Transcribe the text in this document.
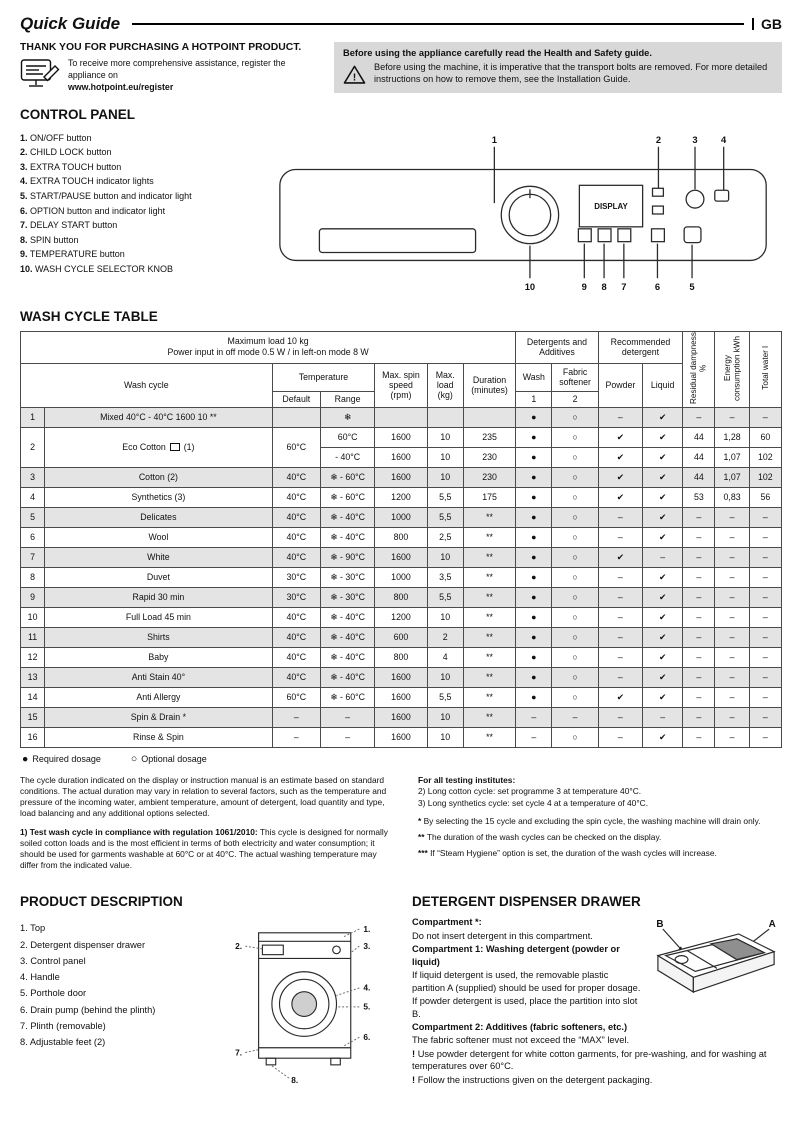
Quick Guide	GB
THANK YOU FOR PURCHASING A HOTPOINT PRODUCT.
To receive more comprehensive assistance, register the appliance on
www.hotpoint.eu/register
Before using the appliance carefully read the Health and Safety guide.
!
Before using the machine, it is imperative that the transport bolts are removed. For more detailed instructions on how to remove them, see the Installation Guide.
CONTROL PANEL
1. ON/OFF button
2. CHILD LOCK button
3. EXTRA TOUCH button
4. EXTRA TOUCH indicator lights
5. START/PAUSE button and indicator light
6. OPTION button and indicator light
7. DELAY START button
8. SPIN button
9. TEMPERATURE button
10. WASH CYCLE SELECTOR KNOB
1	2	3 4
DISPLAY
10	9 8 7	6	5
WASH CYCLE TABLE
Maximum load 10 kg
Power input in off mode 0.5 W / in left-on mode 8 W							Detergents and Additives		Recommended detergent		Residual dampness %	Energy consumption kWh	Total water l
Wash cycle		Temperature		Max. spin speed (rpm)	Max. load (kg)	Duration (minutes)	Wash	Fabric softener	Powder	Liquid			
		Default	Range				1	2					
1	Mixed 40°C - 40°C 1600 10 **		❄				●	○	–	✔	–	–	–
2	Eco Cotton  (1)	60°C	60°C	1600	10	235	●	○	✔	✔	44	1,28	60
			- 40°C	1600	10	230	●	○	✔	✔	44	1,07	102
3	Cotton (2)	40°C	❄ - 60°C	1600	10	230	●	○	✔	✔	44	1,07	102
4	Synthetics (3)	40°C	❄ - 60°C	1200	5,5	175	●	○	✔	✔	53	0,83	56
5	Delicates	40°C	❄ - 40°C	1000	5,5	**	●	○	–	✔	–	–	–
6	Wool	40°C	❄ - 40°C	800	2,5	**	●	○	–	✔	–	–	–
7	White	40°C	❄ - 90°C	1600	10	**	●	○	✔	–	–	–	–
8	Duvet	30°C	❄ - 30°C	1000	3,5	**	●	○	–	✔	–	–	–
9	Rapid 30 min	30°C	❄ - 30°C	800	5,5	**	●	○	–	✔	–	–	–
10	Full Load 45 min	40°C	❄ - 40°C	1200	10	**	●	○	–	✔	–	–	–
11	Shirts	40°C	❄ - 40°C	600	2	**	●	○	–	✔	–	–	–
12	Baby	40°C	❄ - 40°C	800	4	**	●	○	–	✔	–	–	–
13	Anti Stain 40°	40°C	❄ - 40°C	1600	10	**	●	○	–	✔	–	–	–
14	Anti Allergy	60°C	❄ - 60°C	1600	5,5	**	●	○	✔	✔	–	–	–
15	Spin & Drain *	–	–	1600	10	**	–	–	–	–	–	–	–
16	Rinse & Spin	–	–	1600	10	**	–	○	–	✔	–	–	–
● Required dosage	○ Optional dosage

The cycle duration indicated on the display or instruction manual is an estimate based on standard conditions. The actual duration may vary in relation to several factors, such as the temperature and pressure of the incoming water, ambient temperature, amount of detergent, load quantity and type, load balancing and any additional options selected.

1) Test wash cycle in compliance with regulation 1061/2010: This cycle is designed for normally soiled cotton loads and is the most efficient in terms of both electricity and water consumption; it should be used for garments washable at 60°C or at 40°C. The actual washing temperature may differ from the indicated value.

For all testing institutes:
2) Long cotton cycle: set programme 3 at temperature 40°C.
3) Long synthetics cycle: set cycle 4 at a temperature of 40°C.
* By selecting the 15 cycle and excluding the spin cycle, the washing machine will drain only.
** The duration of the wash cycles can be checked on the display.
*** If “Steam Hygiene” option is set, the duration of the wash cycles will increase.
PRODUCT DESCRIPTION
1. Top
2. Detergent dispenser drawer
3. Control panel
4. Handle
5. Porthole door
6. Drain pump (behind the plinth)
7. Plinth (removable)
8. Adjustable feet (2)
1.
2.	3.
4.
5.
6.
7.
8.
DETERGENT DISPENSER DRAWER
B	A
Compartment *:
Do not insert detergent in this compartment.
Compartment 1: Washing detergent (powder or liquid)
If liquid detergent is used, the removable plastic partition A (supplied) should be used for proper dosage.
If powder detergent is used, place the partition into slot B.
Compartment 2: Additives (fabric softeners, etc.)
The fabric softener must not exceed the “MAX” level.
! Use powder detergent for white cotton garments, for pre-washing, and for washing at temperatures over 60°C.
! Follow the instructions given on the detergent packaging.
